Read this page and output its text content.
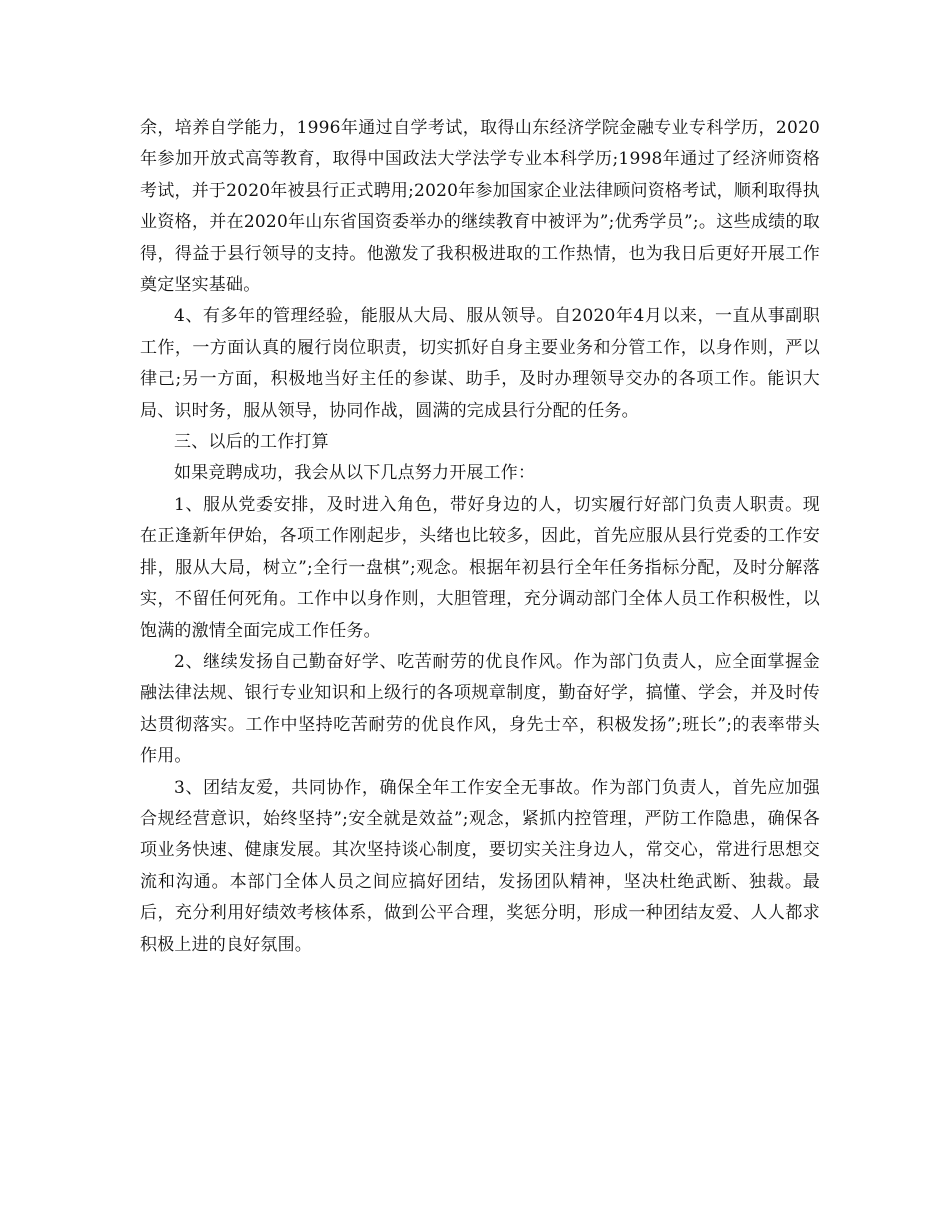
余，培养自学能力，1996年通过自学考试，取得山东经济学院金融专业专科学历，2020年参加开放式高等教育，取得中国政法大学法学专业本科学历;1998年通过了经济师资格考试，并于2020年被县行正式聘用;2020年参加国家企业法律顾问资格考试，顺利取得执业资格，并在2020年山东省国资委举办的继续教育中被评为”;优秀学员”;。这些成绩的取得，得益于县行领导的支持。他激发了我积极进取的工作热情，也为我日后更好开展工作奠定坚实基础。

4、有多年的管理经验，能服从大局、服从领导。自2020年4月以来，一直从事副职工作，一方面认真的履行岗位职责，切实抓好自身主要业务和分管工作，以身作则，严以律己;另一方面，积极地当好主任的参谋、助手，及时办理领导交办的各项工作。能识大局、识时务，服从领导，协同作战，圆满的完成县行分配的任务。

三、以后的工作打算

如果竞聘成功，我会从以下几点努力开展工作：

1、服从党委安排，及时进入角色，带好身边的人，切实履行好部门负责人职责。现在正逢新年伊始，各项工作刚起步，头绪也比较多，因此，首先应服从县行党委的工作安排，服从大局，树立”;全行一盘棋”;观念。根据年初县行全年任务指标分配，及时分解落实，不留任何死角。工作中以身作则，大胆管理，充分调动部门全体人员工作积极性，以饱满的激情全面完成工作任务。

2、继续发扬自己勤奋好学、吃苦耐劳的优良作风。作为部门负责人，应全面掌握金融法律法规、银行专业知识和上级行的各项规章制度，勤奋好学，搞懂、学会，并及时传达贯彻落实。工作中坚持吃苦耐劳的优良作风，身先士卒，积极发扬”;班长”;的表率带头作用。

3、团结友爱，共同协作，确保全年工作安全无事故。作为部门负责人，首先应加强合规经营意识，始终坚持”;安全就是效益”;观念，紧抓内控管理，严防工作隐患，确保各项业务快速、健康发展。其次坚持谈心制度，要切实关注身边人，常交心，常进行思想交流和沟通。本部门全体人员之间应搞好团结，发扬团队精神，坚决杜绝武断、独裁。最后，充分利用好绩效考核体系，做到公平合理，奖惩分明，形成一种团结友爱、人人都求积极上进的良好氛围。
